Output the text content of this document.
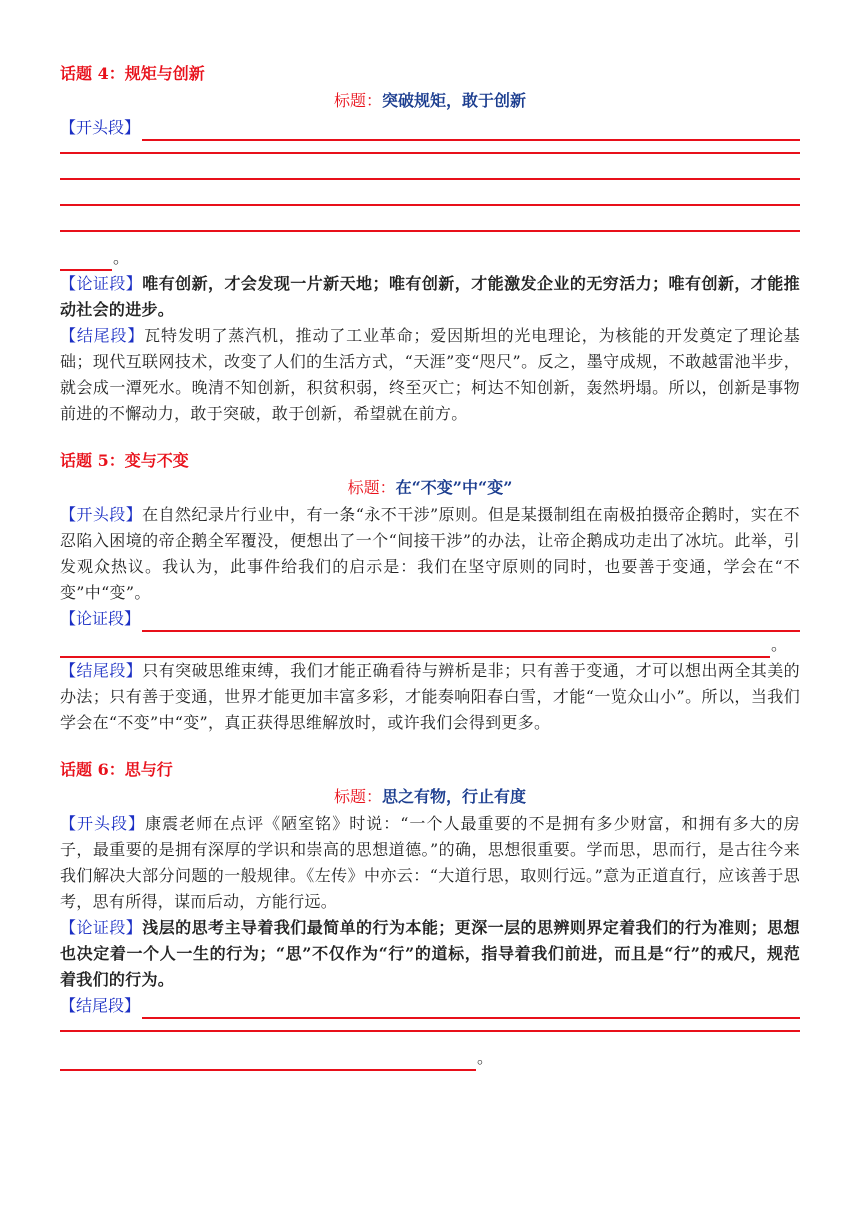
话题 4：规矩与创新

标题：突破规矩，敢于创新
【开头段】
。

【论证段】唯有创新，才会发现一片新天地；唯有创新，才能激发企业的无穷活力；唯有创新，才能推动社会的进步。

【结尾段】瓦特发明了蒸汽机，推动了工业革命；爱因斯坦的光电理论，为核能的开发奠定了理论基础；现代互联网技术，改变了人们的生活方式，“天涯”变“咫尺”。反之，墨守成规，不敢越雷池半步，就会成一潭死水。晚清不知创新，积贫积弱，终至灭亡；柯达不知创新，轰然坍塌。所以，创新是事物前进的不懈动力，敢于突破，敢于创新，希望就在前方。

话题 5：变与不变

标题：在“不变”中“变”

【开头段】在自然纪录片行业中，有一条“永不干涉”原则。但是某摄制组在南极拍摄帝企鹅时，实在不忍陷入困境的帝企鹅全军覆没，便想出了一个“间接干涉”的办法，让帝企鹅成功走出了冰坑。此举，引发观众热议。我认为，此事件给我们的启示是：我们在坚守原则的同时，也要善于变通，学会在“不变”中“变”。

【论证段】
。

【结尾段】只有突破思维束缚，我们才能正确看待与辨析是非；只有善于变通，才可以想出两全其美的办法；只有善于变通，世界才能更加丰富多彩，才能奏响阳春白雪，才能“一览众山小”。所以，当我们学会在“不变”中“变”，真正获得思维解放时，或许我们会得到更多。

话题 6：思与行

标题：思之有物，行止有度

【开头段】康震老师在点评《陋室铭》时说：“一个人最重要的不是拥有多少财富，和拥有多大的房子，最重要的是拥有深厚的学识和崇高的思想道德。”的确，思想很重要。学而思，思而行，是古往今来我们解决大部分问题的一般规律。《左传》中亦云：“大道行思，取则行远。”意为正道直行，应该善于思考，思有所得，谋而后动，方能行远。

【论证段】浅层的思考主导着我们最简单的行为本能；更深一层的思辨则界定着我们的行为准则；思想也决定着一个人一生的行为；“思”不仅作为“行”的道标，指导着我们前进，而且是“行”的戒尺，规范着我们的行为。

【结尾段】
。
